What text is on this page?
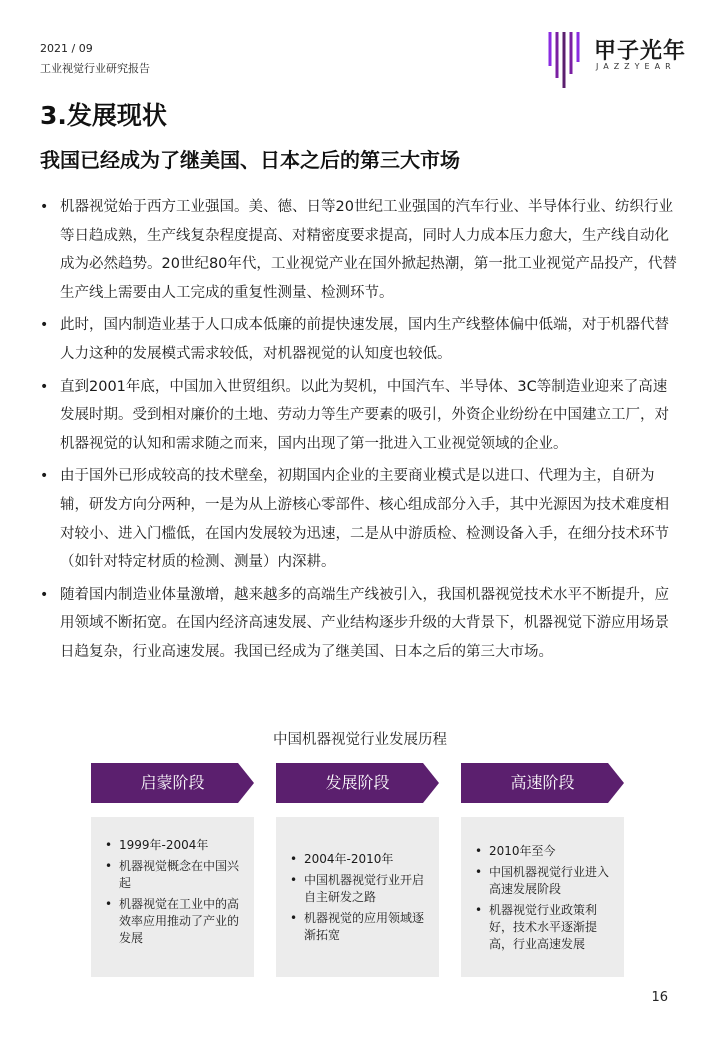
2021 / 09
工业视觉行业研究报告
甲子光年
JAZZYEAR
3.发展现状
我国已经成为了继美国、日本之后的第三大市场
• 机器视觉始于西方工业强国。美、德、日等20世纪工业强国的汽车行业、半导体行业、纺织行业等日趋成熟，生产线复杂程度提高、对精密度要求提高，同时人力成本压力愈大，生产线自动化成为必然趋势。20世纪80年代，工业视觉产业在国外掀起热潮，第一批工业视觉产品投产，代替生产线上需要由人工完成的重复性测量、检测环节。
• 此时，国内制造业基于人口成本低廉的前提快速发展，国内生产线整体偏中低端，对于机器代替人力这种的发展模式需求较低，对机器视觉的认知度也较低。
• 直到2001年底，中国加入世贸组织。以此为契机，中国汽车、半导体、3C等制造业迎来了高速发展时期。受到相对廉价的土地、劳动力等生产要素的吸引，外资企业纷纷在中国建立工厂，对机器视觉的认知和需求随之而来，国内出现了第一批进入工业视觉领域的企业。
• 由于国外已形成较高的技术壁垒，初期国内企业的主要商业模式是以进口、代理为主，自研为辅，研发方向分两种，一是为从上游核心零部件、核心组成部分入手，其中光源因为技术难度相对较小、进入门槛低，在国内发展较为迅速，二是从中游质检、检测设备入手，在细分技术环节（如针对特定材质的检测、测量）内深耕。
• 随着国内制造业体量激增，越来越多的高端生产线被引入，我国机器视觉技术水平不断提升，应用领域不断拓宽。在国内经济高速发展、产业结构逐步升级的大背景下，机器视觉下游应用场景日趋复杂，行业高速发展。我国已经成为了继美国、日本之后的第三大市场。
中国机器视觉行业发展历程
启蒙阶段	发展阶段	高速阶段
• 1999年-2004年
• 机器视觉概念在中国兴起
• 机器视觉在工业中的高效率应用推动了产业的发展
• 2004年-2010年
• 中国机器视觉行业开启自主研发之路
• 机器视觉的应用领域逐渐拓宽
• 2010年至今
• 中国机器视觉行业进入高速发展阶段
• 机器视觉行业政策利好，技术水平逐渐提高，行业高速发展
16
